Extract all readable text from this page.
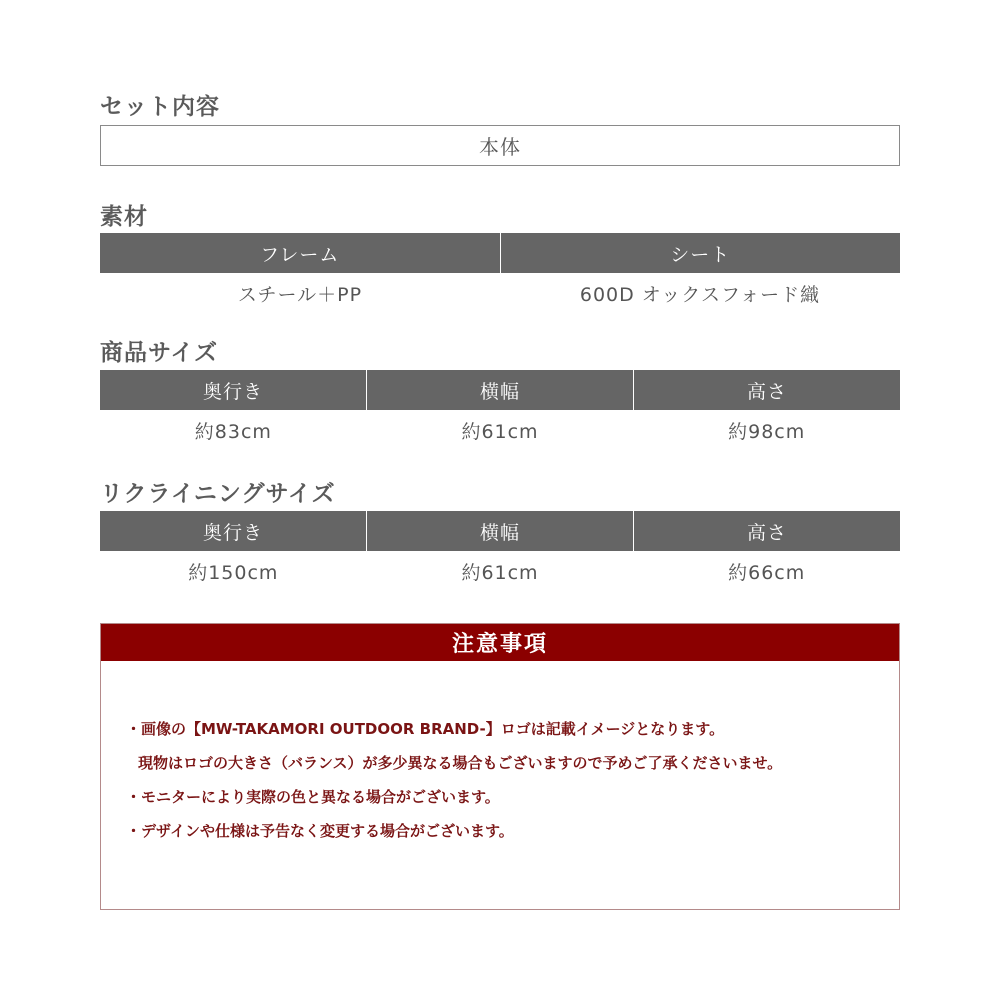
セット内容
本体
素材
フレーム	シート
スチール＋PP	600D オックスフォード織
商品サイズ
奥行き	横幅	高さ
約83cm	約61cm	約98cm
リクライニングサイズ
奥行き	横幅	高さ
約150cm	約61cm	約66cm
注意事項
・画像の【MW-TAKAMORI OUTDOOR BRAND-】ロゴは記載イメージとなります。
現物はロゴの大きさ（バランス）が多少異なる場合もございますので予めご了承くださいませ。
・モニターにより実際の色と異なる場合がございます。
・デザインや仕様は予告なく変更する場合がございます。
